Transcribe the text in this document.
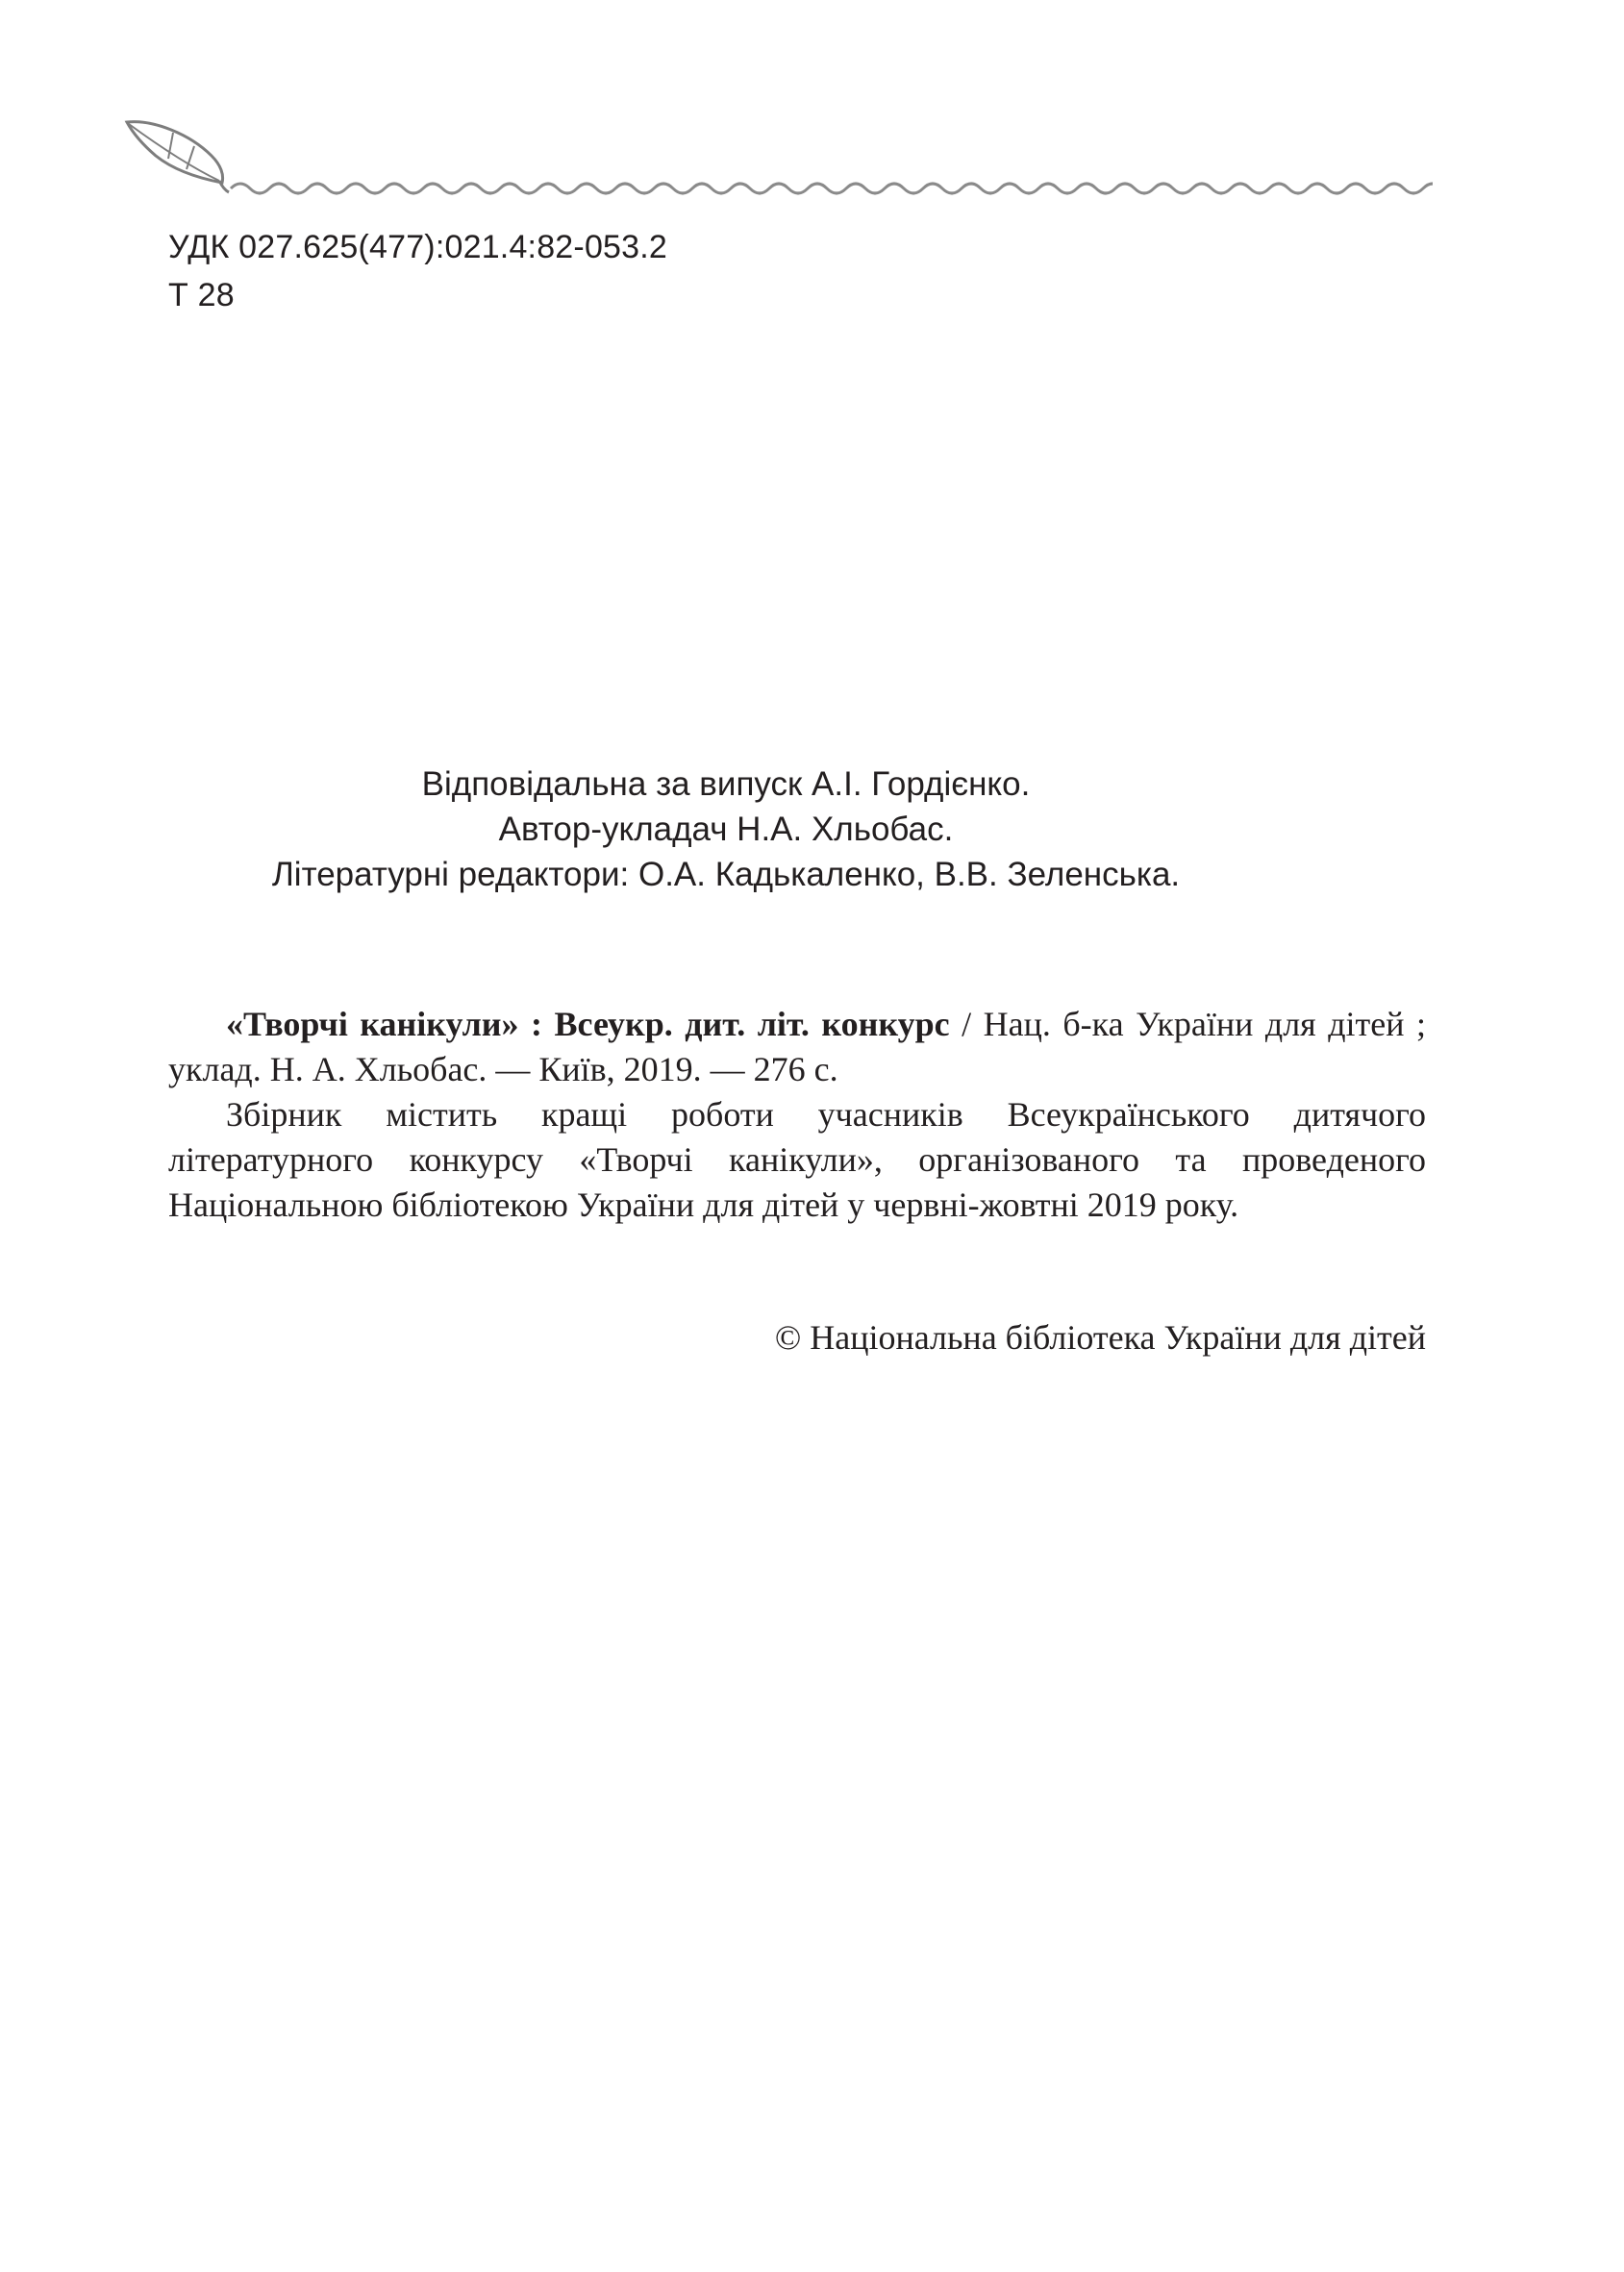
УДК 027.625(477):021.4:82-053.2
Т 28
Відповідальна за випуск А.І. Гордієнко.
Автор-укладач Н.А. Хльобас.
Літературні редактори: О.А. Кадькаленко, В.В. Зеленська.

«Творчі канікули» : Всеукр. дит. літ. конкурс / Нац. б-ка України для дітей ; уклад. Н. А. Хльобас. — Київ, 2019. — 276 с.

Збірник містить кращі роботи учасників Всеукраїнського дитячого літературного конкурсу «Творчі канікули», організованого та проведеного Національною бібліотекою України для дітей у червні-жовтні 2019 року.

© Національна бібліотека України для дітей
